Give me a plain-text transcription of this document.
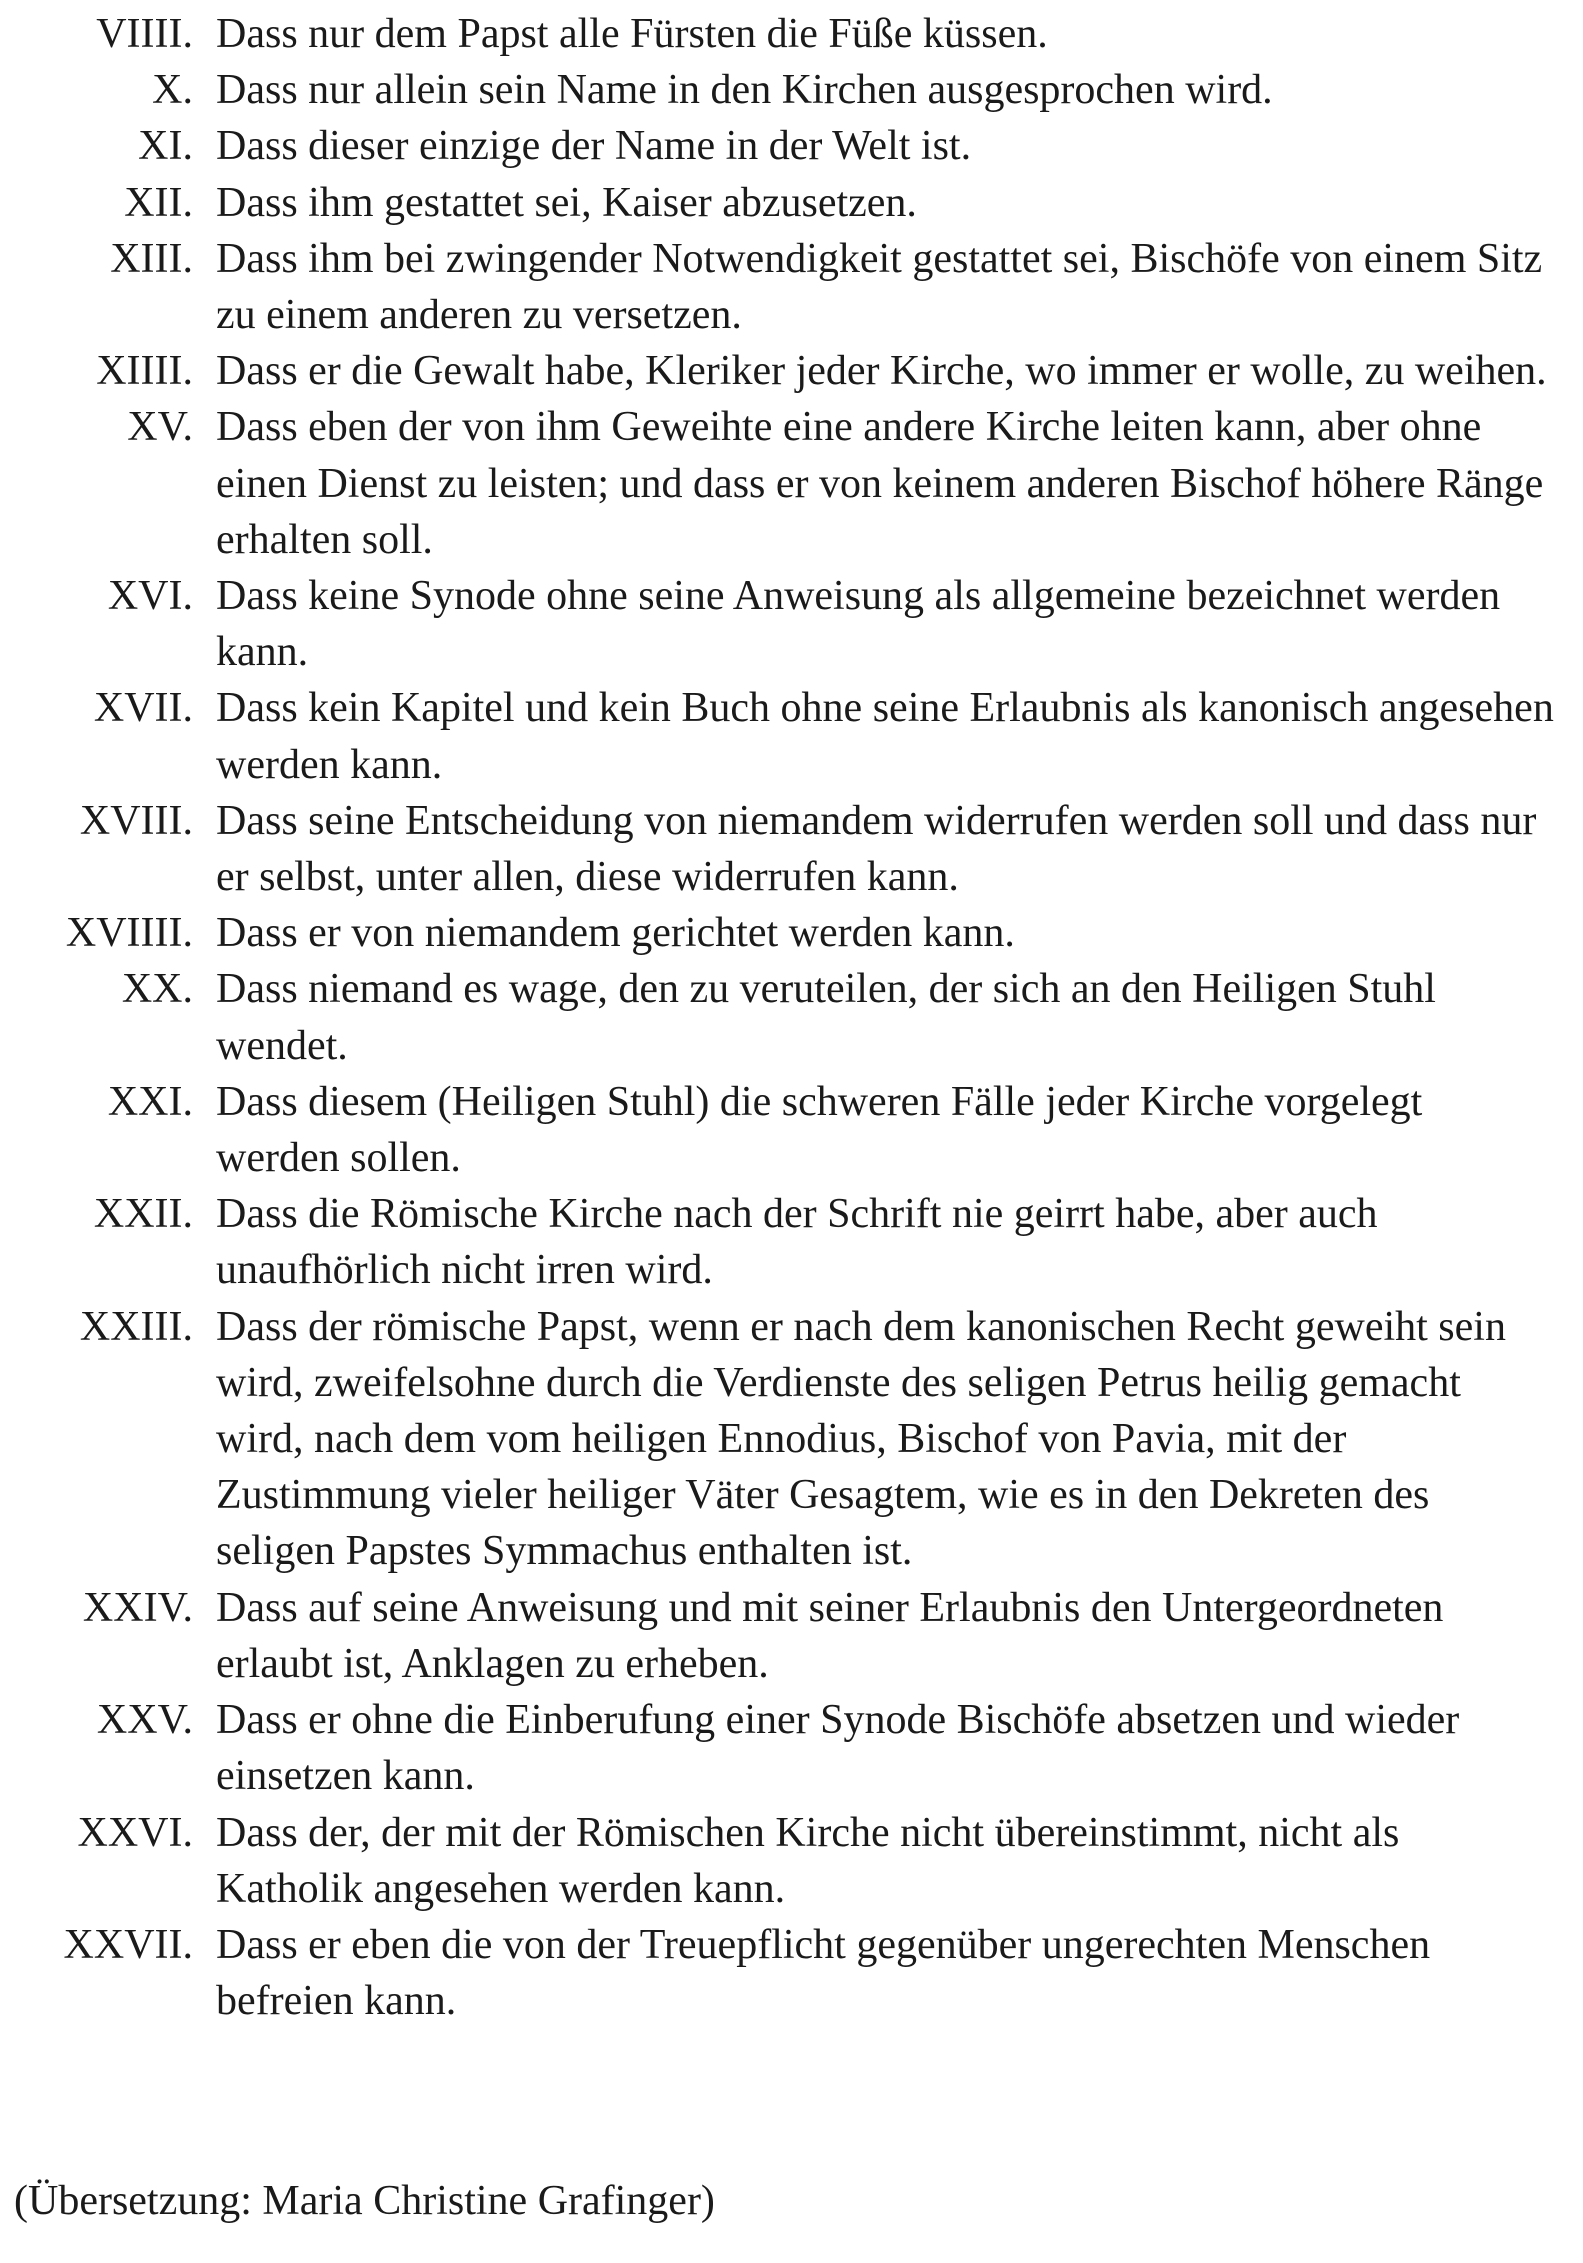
VIIII. Dass nur dem Papst alle Fürsten die Füße küssen.
X. Dass nur allein sein Name in den Kirchen ausgesprochen wird.
XI. Dass dieser einzige der Name in der Welt ist.
XII. Dass ihm gestattet sei, Kaiser abzusetzen.
XIII. Dass ihm bei zwingender Notwendigkeit gestattet sei, Bischöfe von einem Sitz zu einem anderen zu versetzen.
XIIII. Dass er die Gewalt habe, Kleriker jeder Kirche, wo immer er wolle, zu weihen.
XV. Dass eben der von ihm Geweihte eine andere Kirche leiten kann, aber ohne einen Dienst zu leisten; und dass er von keinem anderen Bischof höhere Ränge erhalten soll.
XVI. Dass keine Synode ohne seine Anweisung als allgemeine bezeichnet werden kann.
XVII. Dass kein Kapitel und kein Buch ohne seine Erlaubnis als kanonisch angesehen werden kann.
XVIII. Dass seine Entscheidung von niemandem widerrufen werden soll und dass nur er selbst, unter allen, diese widerrufen kann.
XVIIII. Dass er von niemandem gerichtet werden kann.
XX. Dass niemand es wage, den zu veruteilen, der sich an den Heiligen Stuhl wendet.
XXI. Dass diesem (Heiligen Stuhl) die schweren Fälle jeder Kirche vorgelegt werden sollen.
XXII. Dass die Römische Kirche nach der Schrift nie geirrt habe, aber auch unaufhörlich nicht irren wird.
XXIII. Dass der römische Papst, wenn er nach dem kanonischen Recht geweiht sein wird, zweifelsohne durch die Verdienste des seligen Petrus heilig gemacht wird, nach dem vom heiligen Ennodius, Bischof von Pavia, mit der Zustimmung vieler heiliger Väter Gesagtem, wie es in den Dekreten des seligen Papstes Symmachus enthalten ist.
XXIV. Dass auf seine Anweisung und mit seiner Erlaubnis den Untergeordneten erlaubt ist, Anklagen zu erheben.
XXV. Dass er ohne die Einberufung einer Synode Bischöfe absetzen und wieder einsetzen kann.
XXVI. Dass der, der mit der Römischen Kirche nicht übereinstimmt, nicht als Katholik angesehen werden kann.
XXVII. Dass er eben die von der Treuepflicht gegenüber ungerechten Menschen befreien kann.
(Übersetzung: Maria Christine Grafinger)
